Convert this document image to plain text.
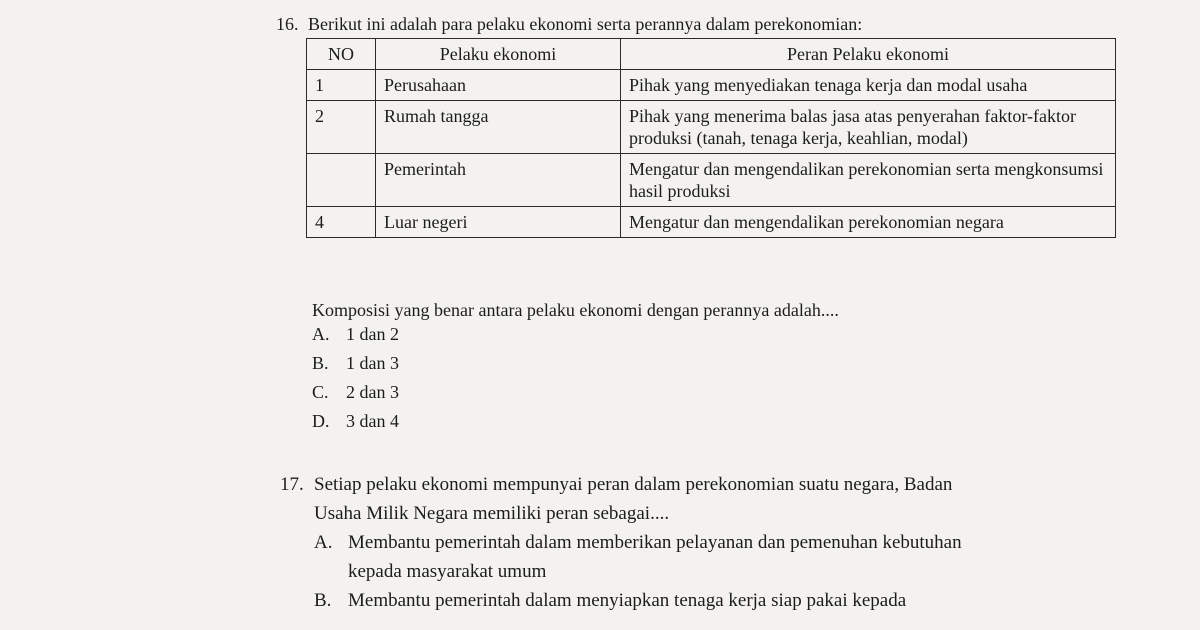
16. Berikut ini adalah para pelaku ekonomi serta perannya dalam perekonomian:
NO	Pelaku ekonomi	Peran Pelaku ekonomi
1	Perusahaan	Pihak yang menyediakan tenaga kerja dan modal usaha
2	Rumah tangga	Pihak yang menerima balas jasa atas penyerahan faktor-faktor produksi (tanah, tenaga kerja, keahlian, modal)
	Pemerintah	Mengatur dan mengendalikan perekonomian serta mengkonsumsi hasil produksi
4	Luar negeri	Mengatur dan mengendalikan perekonomian negara
Komposisi yang benar antara pelaku ekonomi dengan perannya adalah....
A. 1 dan 2
B. 1 dan 3
C. 2 dan 3
D. 3 dan 4
17. Setiap pelaku ekonomi mempunyai peran dalam perekonomian suatu negara, Badan
Usaha Milik Negara memiliki peran sebagai....
A. Membantu pemerintah dalam memberikan pelayanan dan pemenuhan kebutuhan
kepada masyarakat umum
B. Membantu pemerintah dalam menyiapkan tenaga kerja siap pakai kepada
